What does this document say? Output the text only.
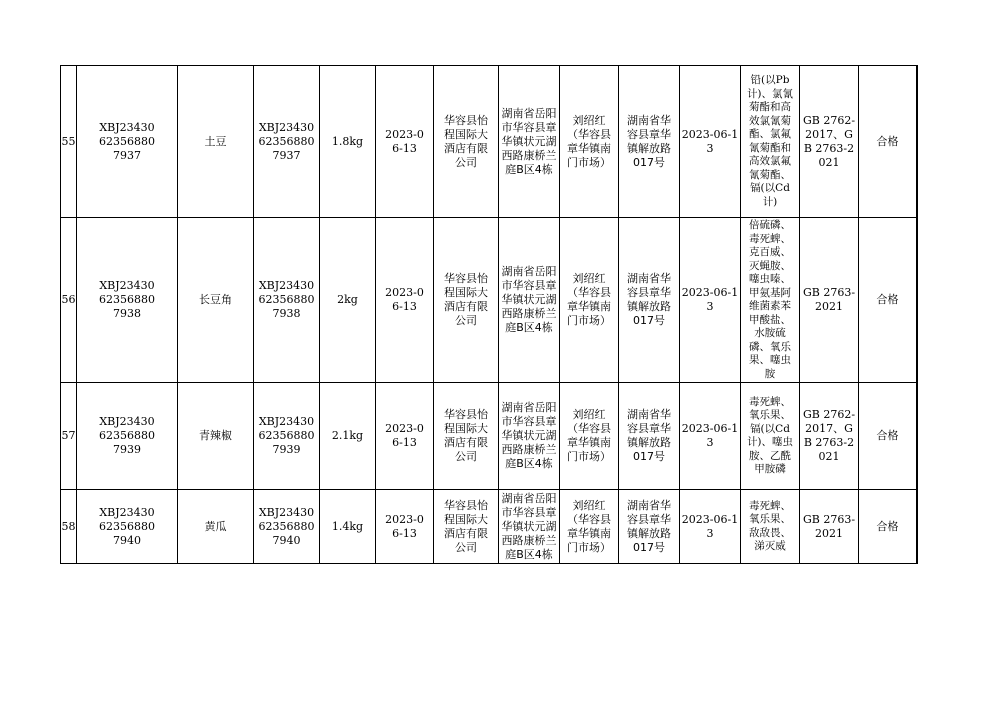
55	XBJ23430623568807937	土豆	XBJ23430623568807937	1.8kg	2023-06-13	华容县怡程国际大酒店有限公司	湖南省岳阳市华容县章华镇状元湖西路康桥兰庭B区4栋	刘绍红（华容县章华镇南门市场）	湖南省华容县章华镇解放路017号	2023-06-13	铅(以Pb计)、氯氰菊酯和高效氯氰菊酯、氯氟氰菊酯和高效氯氟氰菊酯、镉(以Cd计)	GB 2762-2017、GB 2763-2021	合格	

56	XBJ23430623568807938	长豆角	XBJ23430623568807938	2kg	2023-06-13	华容县怡程国际大酒店有限公司	湖南省岳阳市华容县章华镇状元湖西路康桥兰庭B区4栋	刘绍红（华容县章华镇南门市场）	湖南省华容县章华镇解放路017号	2023-06-13	倍硫磷、毒死蜱、克百威、灭蝇胺、噻虫嗪、甲氨基阿维菌素苯甲酸盐、水胺硫磷、氧乐果、噻虫胺	GB 2763-2021	合格	

57	XBJ23430623568807939	青辣椒	XBJ23430623568807939	2.1kg	2023-06-13	华容县怡程国际大酒店有限公司	湖南省岳阳市华容县章华镇状元湖西路康桥兰庭B区4栋	刘绍红（华容县章华镇南门市场）	湖南省华容县章华镇解放路017号	2023-06-13	毒死蜱、氧乐果、镉(以Cd计)、噻虫胺、乙酰甲胺磷	GB 2762-2017、GB 2763-2021	合格	

58	XBJ23430623568807940	黄瓜	XBJ23430623568807940	1.4kg	2023-06-13	华容县怡程国际大酒店有限公司	湖南省岳阳市华容县章华镇状元湖西路康桥兰庭B区4栋	刘绍红（华容县章华镇南门市场）	湖南省华容县章华镇解放路017号	2023-06-13	毒死蜱、氧乐果、敌敌畏、涕灭威	GB 2763-2021	合格	
